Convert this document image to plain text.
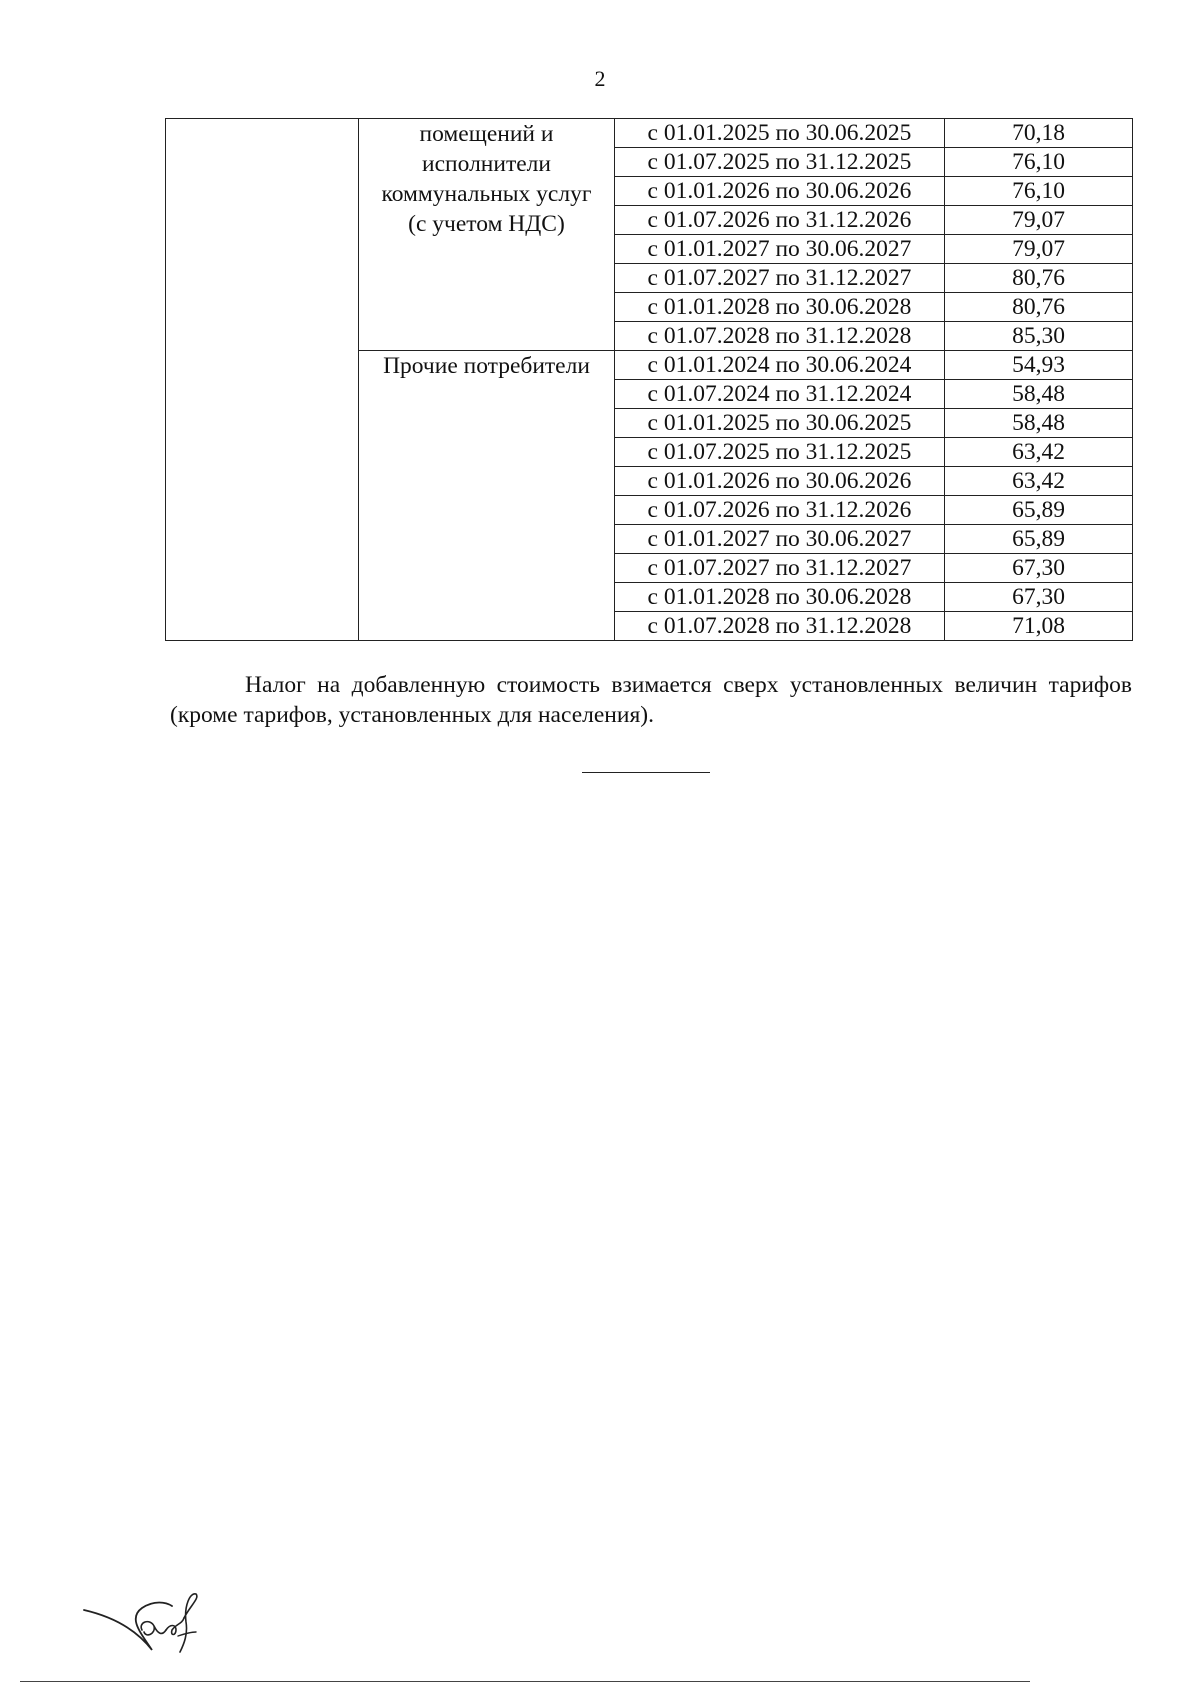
2

	помещений и
исполнители
коммунальных услуг
(с учетом НДС)	с 01.01.2025 по 30.06.2025	70,18
		с 01.07.2025 по 31.12.2025	76,10
		с 01.01.2026 по 30.06.2026	76,10
		с 01.07.2026 по 31.12.2026	79,07
		с 01.01.2027 по 30.06.2027	79,07
		с 01.07.2027 по 31.12.2027	80,76
		с 01.01.2028 по 30.06.2028	80,76
		с 01.07.2028 по 31.12.2028	85,30

	Прочие потребители	с 01.01.2024 по 30.06.2024	54,93
		с 01.07.2024 по 31.12.2024	58,48
		с 01.01.2025 по 30.06.2025	58,48
		с 01.07.2025 по 31.12.2025	63,42
		с 01.01.2026 по 30.06.2026	63,42
		с 01.07.2026 по 31.12.2026	65,89
		с 01.01.2027 по 30.06.2027	65,89
		с 01.07.2027 по 31.12.2027	67,30
		с 01.01.2028 по 30.06.2028	67,30
		с 01.07.2028 по 31.12.2028	71,08

Налог на добавленную стоимость взимается сверх установленных величин тарифов (кроме тарифов, установленных для населения).
